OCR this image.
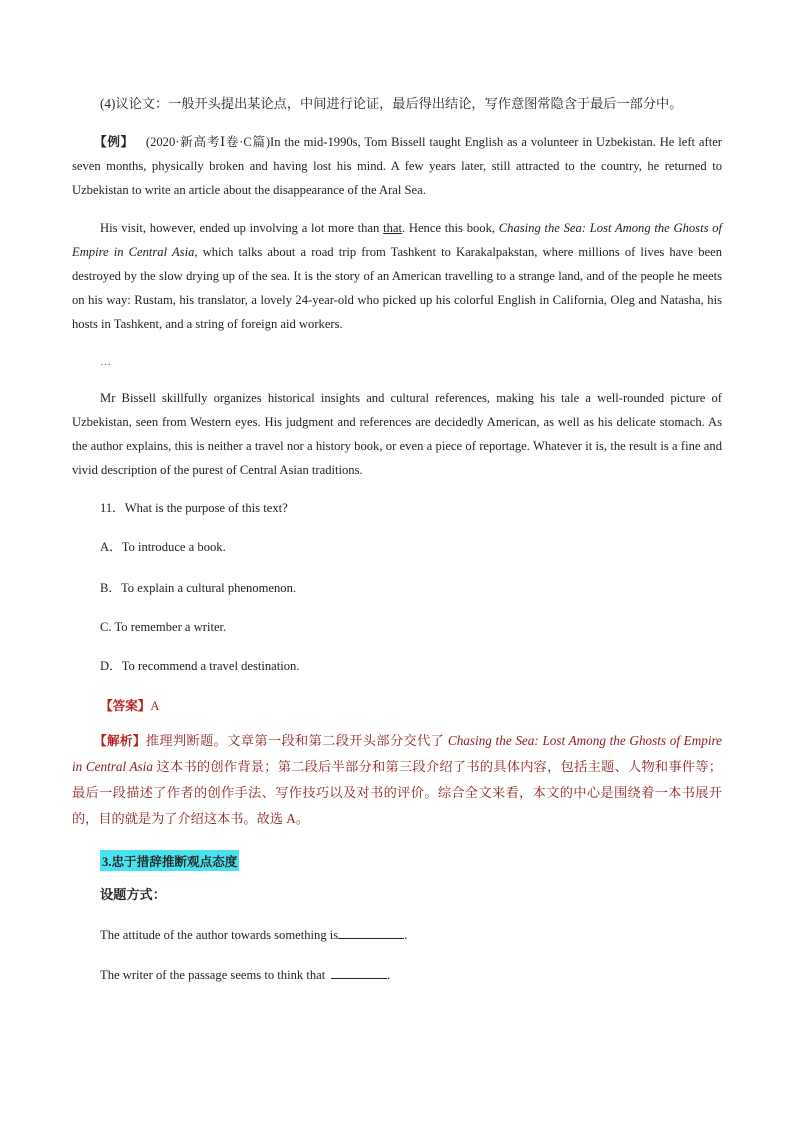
(4)议论文：一般开头提出某论点，中间进行论证，最后得出结论，写作意图常隐含于最后一部分中。

【例】 (2020·新高考Ⅰ卷·C篇)In the mid-1990s, Tom Bissell taught English as a volunteer in Uzbekistan. He left after seven months, physically broken and having lost his mind. A few years later, still attracted to the country, he returned to Uzbekistan to write an article about the disappearance of the Aral Sea.

His visit, however, ended up involving a lot more than that. Hence this book, Chasing the Sea: Lost Among the Ghosts of Empire in Central Asia, which talks about a road trip from Tashkent to Karakalpakstan, where millions of lives have been destroyed by the slow drying up of the sea. It is the story of an American travelling to a strange land, and of the people he meets on his way: Rustam, his translator, a lovely 24-year-old who picked up his colorful English in California, Oleg and Natasha, his hosts in Tashkent, and a string of foreign aid workers.

…

Mr Bissell skillfully organizes historical insights and cultural references, making his tale a well-rounded picture of Uzbekistan, seen from Western eyes. His judgment and references are decidedly American, as well as his delicate stomach. As the author explains, this is neither a travel nor a history book, or even a piece of reportage. Whatever it is, the result is a fine and vivid description of the purest of Central Asian traditions.

11．What is the purpose of this text?

A．To introduce a book.

B．To explain a cultural phenomenon.

C. To remember a writer.

D．To recommend a travel destination.

【答案】A

【解析】推理判断题。文章第一段和第二段开头部分交代了 Chasing the Sea: Lost Among the Ghosts of Empire in Central Asia 这本书的创作背景；第二段后半部分和第三段介绍了书的具体内容，包括主题、人物和事件等；最后一段描述了作者的创作手法、写作技巧以及对书的评价。综合全文来看，本文的中心是围绕着一本书展开的，目的就是为了介绍这本书。故选 A。

3.忠于措辞推断观点态度

设题方式：

The attitude of the author towards something is	.

The writer of the passage seems to think that	.
